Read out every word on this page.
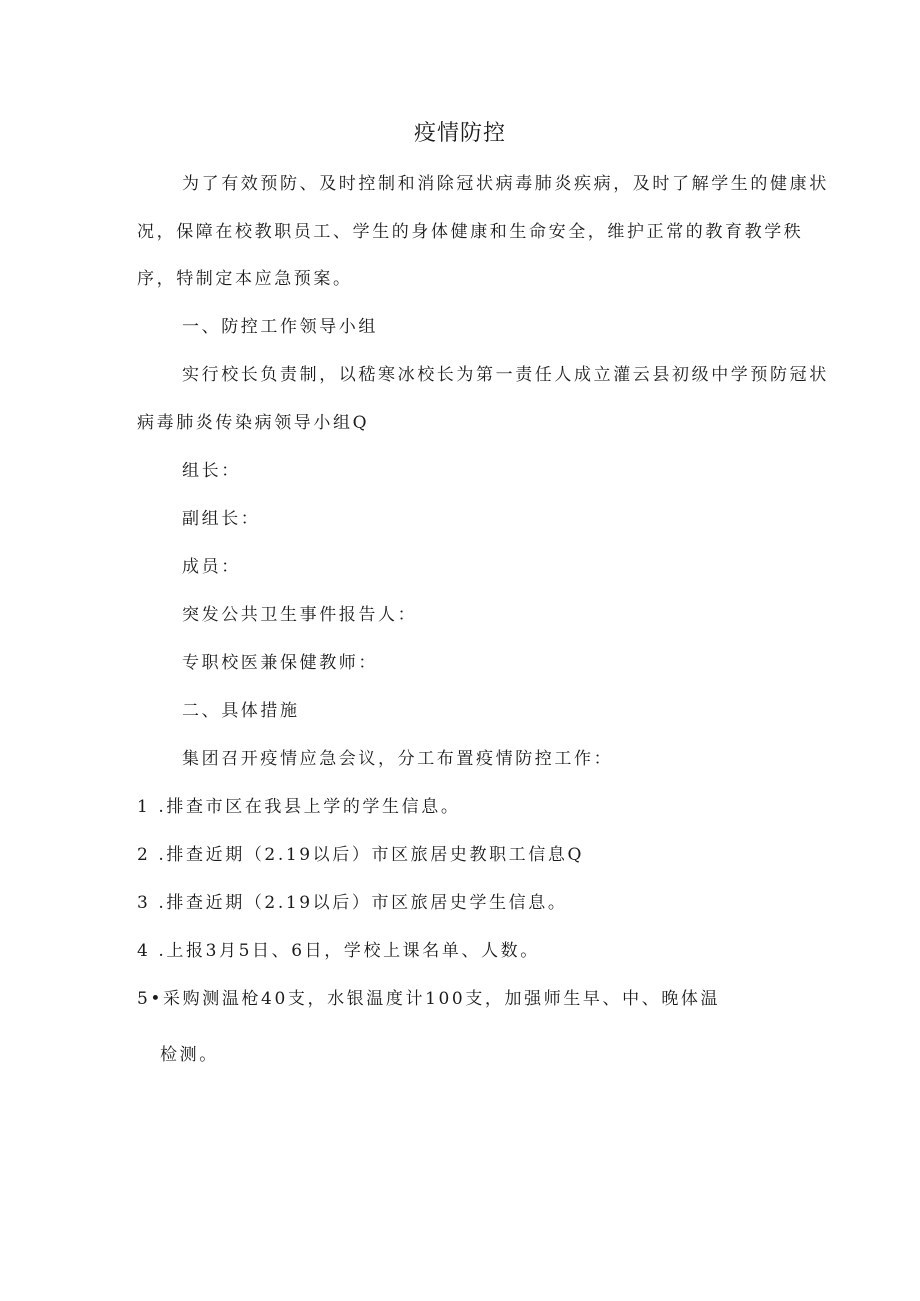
疫情防控
为了有效预防、及时控制和消除冠状病毒肺炎疾病，及时了解学生的健康状
况，保障在校教职员工、学生的身体健康和生命安全，维护正常的教育教学秩
序，特制定本应急预案。
一、防控工作领导小组
实行校长负责制，以嵇寒冰校长为第一责任人成立灌云县初级中学预防冠状
病毒肺炎传染病领导小组Q
组长：
副组长：
成员：
突发公共卫生事件报告人：
专职校医兼保健教师：
二、具体措施
集团召开疫情应急会议，分工布置疫情防控工作：
1 .排查市区在我县上学的学生信息。
2 .排查近期（2.19以后）市区旅居史教职工信息Q
3 .排查近期（2.19以后）市区旅居史学生信息。
4 .上报3月5日、6日，学校上课名单、人数。
5•采购测温枪40支，水银温度计100支，加强师生早、中、晚体温
检测。
